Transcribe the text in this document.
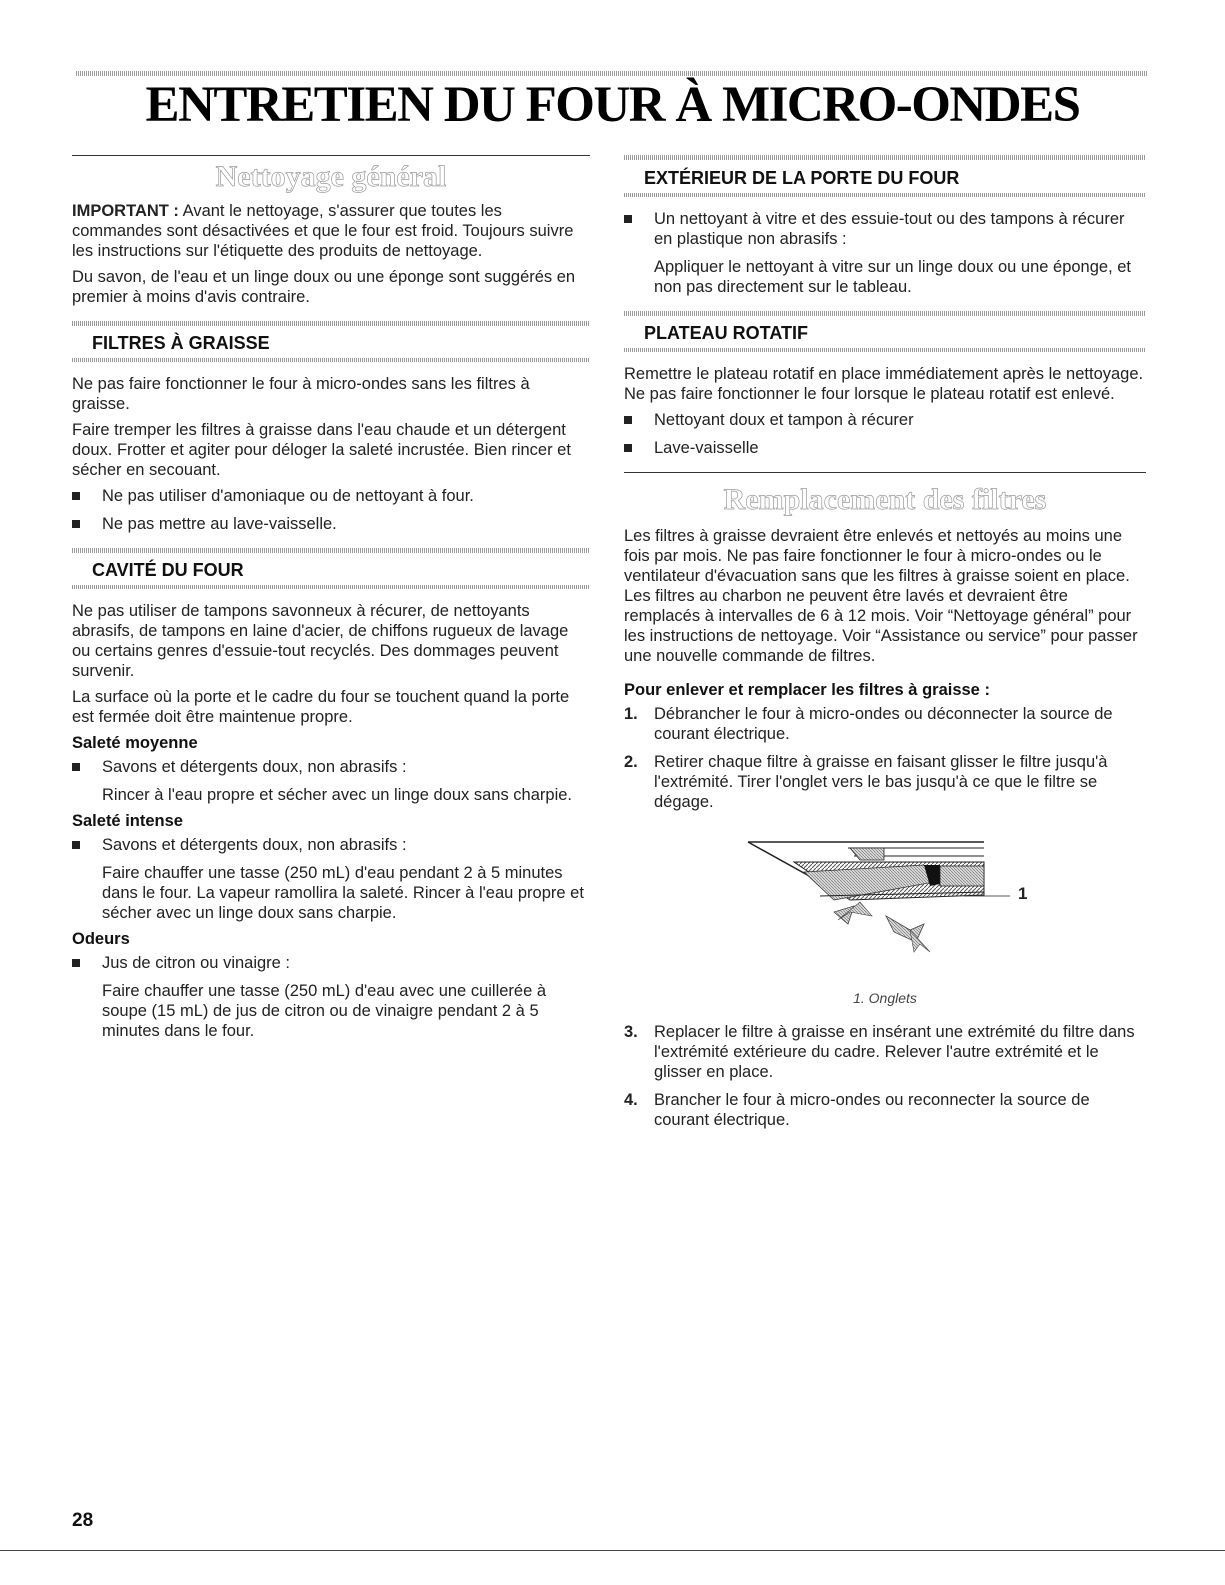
ENTRETIEN DU FOUR À MICRO-ONDES
Nettoyage général

IMPORTANT : Avant le nettoyage, s'assurer que toutes les commandes sont désactivées et que le four est froid. Toujours suivre les instructions sur l'étiquette des produits de nettoyage.

Du savon, de l'eau et un linge doux ou une éponge sont suggérés en premier à moins d'avis contraire.

FILTRES À GRAISSE

Ne pas faire fonctionner le four à micro-ondes sans les filtres à graisse.

Faire tremper les filtres à graisse dans l'eau chaude et un détergent doux. Frotter et agiter pour déloger la saleté incrustée. Bien rincer et sécher en secouant.

Ne pas utiliser d'amoniaque ou de nettoyant à four.
Ne pas mettre au lave-vaisselle.
CAVITÉ DU FOUR

Ne pas utiliser de tampons savonneux à récurer, de nettoyants abrasifs, de tampons en laine d'acier, de chiffons rugueux de lavage ou certains genres d'essuie-tout recyclés. Des dommages peuvent survenir.

La surface où la porte et le cadre du four se touchent quand la porte est fermée doit être maintenue propre.

Saleté moyenne
Savons et détergents doux, non abrasifs :

Rincer à l'eau propre et sécher avec un linge doux sans charpie.

Saleté intense
Savons et détergents doux, non abrasifs :

Faire chauffer une tasse (250 mL) d'eau pendant 2 à 5 minutes dans le four. La vapeur ramollira la saleté. Rincer à l'eau propre et sécher avec un linge doux sans charpie.

Odeurs
Jus de citron ou vinaigre :

Faire chauffer une tasse (250 mL) d'eau avec une cuillerée à soupe (15 mL) de jus de citron ou de vinaigre pendant 2 à 5 minutes dans le four.

EXTÉRIEUR DE LA PORTE DU FOUR
Un nettoyant à vitre et des essuie-tout ou des tampons à récurer en plastique non abrasifs :

Appliquer le nettoyant à vitre sur un linge doux ou une éponge, et non pas directement sur le tableau.

PLATEAU ROTATIF

Remettre le plateau rotatif en place immédiatement après le nettoyage. Ne pas faire fonctionner le four lorsque le plateau rotatif est enlevé.

Nettoyant doux et tampon à récurer
Lave-vaisselle
Remplacement des filtres

Les filtres à graisse devraient être enlevés et nettoyés au moins une fois par mois. Ne pas faire fonctionner le four à micro-ondes ou le ventilateur d'évacuation sans que les filtres à graisse soient en place. Les filtres au charbon ne peuvent être lavés et devraient être remplacés à intervalles de 6 à 12 mois. Voir “Nettoyage général” pour les instructions de nettoyage. Voir “Assistance ou service” pour passer une nouvelle commande de filtres.

Pour enlever et remplacer les filtres à graisse :
1. Débrancher le four à micro-ondes ou déconnecter la source de courant électrique.
2. Retirer chaque filtre à graisse en faisant glisser le filtre jusqu'à l'extrémité. Tirer l'onglet vers le bas jusqu'à ce que le filtre se dégage.
1
1. Onglets
3. Replacer le filtre à graisse en insérant une extrémité du filtre dans l'extrémité extérieure du cadre. Relever l'autre extrémité et le glisser en place.
4. Brancher le four à micro-ondes ou reconnecter la source de courant électrique.
28
